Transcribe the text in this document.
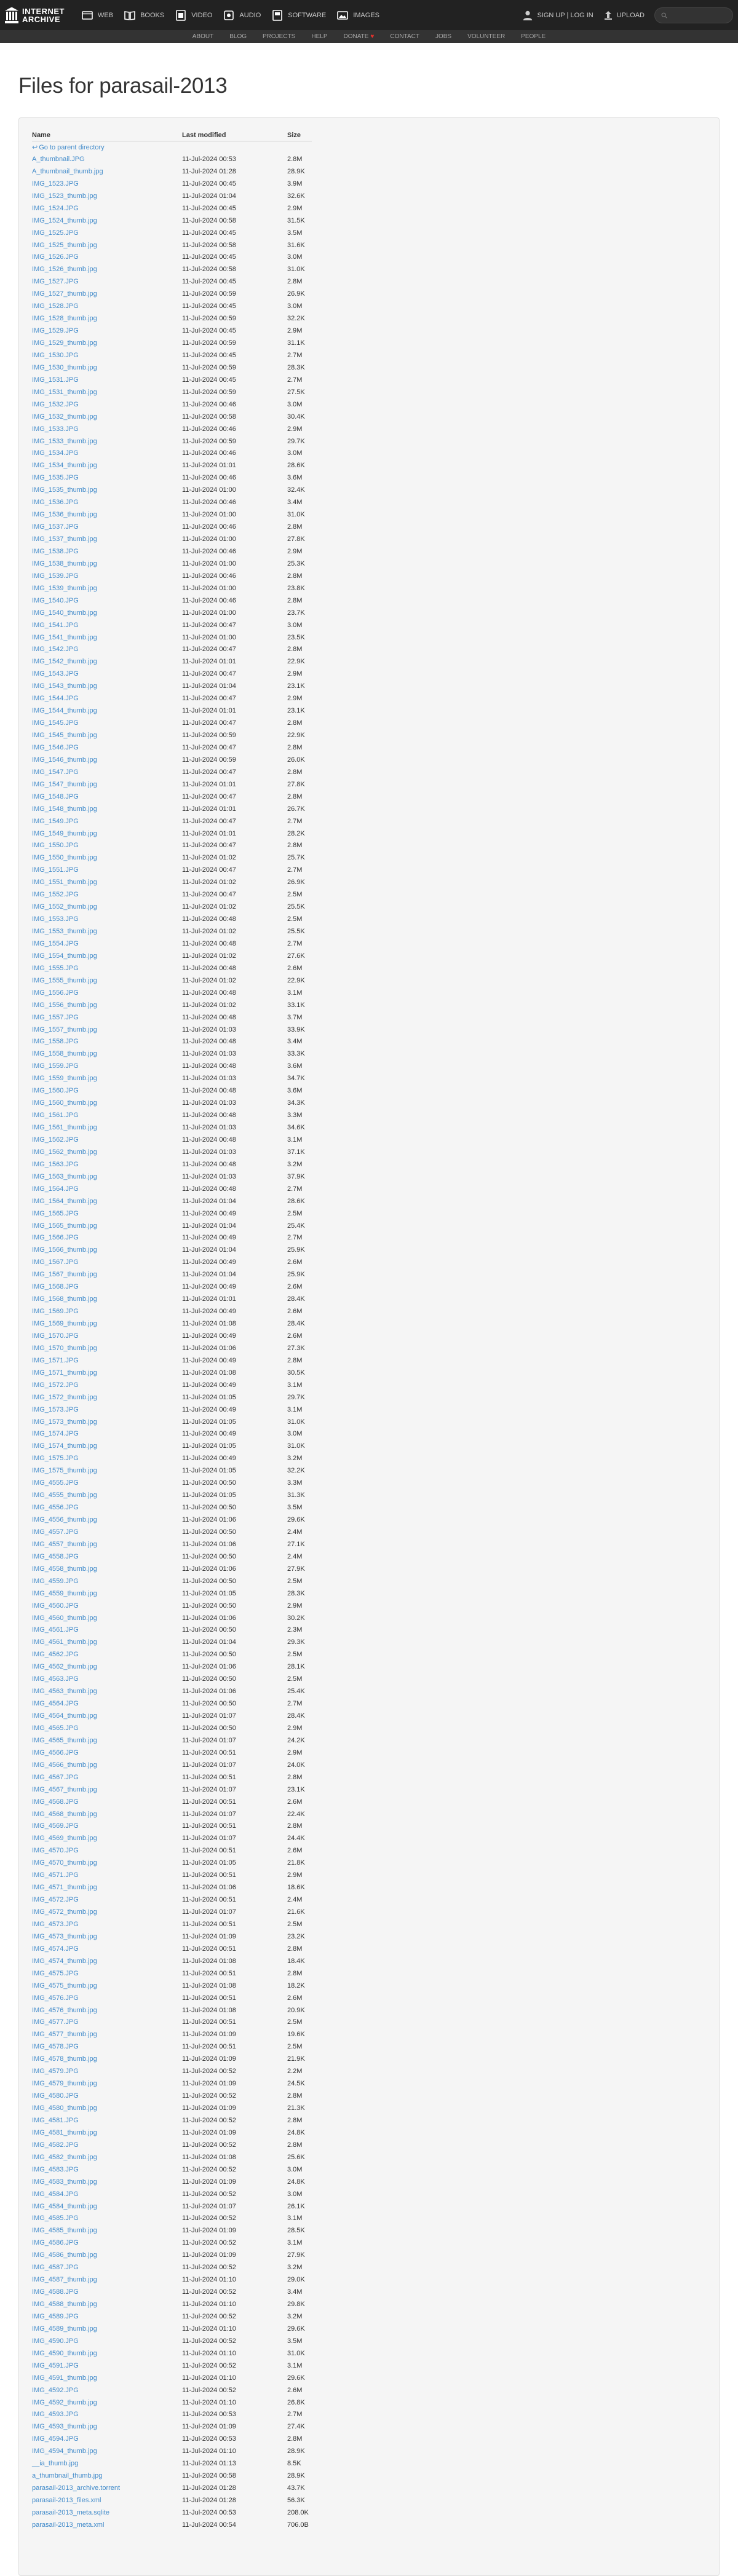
INTERNET
ARCHIVE	WEB	BOOKS	VIDEO	AUDIO	SOFTWARE	IMAGES	SIGN UP | LOG IN	UPLOAD
ABOUT	BLOG	PROJECTS	HELP	DONATE ♥	CONTACT	JOBS	VOLUNTEER	PEOPLE
Files for parasail-2013
Name	Last modified	Size
↩ Go to parent directory		
A_thumbnail.JPG	11-Jul-2024 00:53	2.8M
A_thumbnail_thumb.jpg	11-Jul-2024 01:28	28.9K
IMG_1523.JPG	11-Jul-2024 00:45	3.9M
IMG_1523_thumb.jpg	11-Jul-2024 01:04	32.6K
IMG_1524.JPG	11-Jul-2024 00:45	2.9M
IMG_1524_thumb.jpg	11-Jul-2024 00:58	31.5K
IMG_1525.JPG	11-Jul-2024 00:45	3.5M
IMG_1525_thumb.jpg	11-Jul-2024 00:58	31.6K
IMG_1526.JPG	11-Jul-2024 00:45	3.0M
IMG_1526_thumb.jpg	11-Jul-2024 00:58	31.0K
IMG_1527.JPG	11-Jul-2024 00:45	2.8M
IMG_1527_thumb.jpg	11-Jul-2024 00:59	26.9K
IMG_1528.JPG	11-Jul-2024 00:45	3.0M
IMG_1528_thumb.jpg	11-Jul-2024 00:59	32.2K
IMG_1529.JPG	11-Jul-2024 00:45	2.9M
IMG_1529_thumb.jpg	11-Jul-2024 00:59	31.1K
IMG_1530.JPG	11-Jul-2024 00:45	2.7M
IMG_1530_thumb.jpg	11-Jul-2024 00:59	28.3K
IMG_1531.JPG	11-Jul-2024 00:45	2.7M
IMG_1531_thumb.jpg	11-Jul-2024 00:59	27.5K
IMG_1532.JPG	11-Jul-2024 00:46	3.0M
IMG_1532_thumb.jpg	11-Jul-2024 00:58	30.4K
IMG_1533.JPG	11-Jul-2024 00:46	2.9M
IMG_1533_thumb.jpg	11-Jul-2024 00:59	29.7K
IMG_1534.JPG	11-Jul-2024 00:46	3.0M
IMG_1534_thumb.jpg	11-Jul-2024 01:01	28.6K
IMG_1535.JPG	11-Jul-2024 00:46	3.6M
IMG_1535_thumb.jpg	11-Jul-2024 01:00	32.4K
IMG_1536.JPG	11-Jul-2024 00:46	3.4M
IMG_1536_thumb.jpg	11-Jul-2024 01:00	31.0K
IMG_1537.JPG	11-Jul-2024 00:46	2.8M
IMG_1537_thumb.jpg	11-Jul-2024 01:00	27.8K
IMG_1538.JPG	11-Jul-2024 00:46	2.9M
IMG_1538_thumb.jpg	11-Jul-2024 01:00	25.3K
IMG_1539.JPG	11-Jul-2024 00:46	2.8M
IMG_1539_thumb.jpg	11-Jul-2024 01:00	23.8K
IMG_1540.JPG	11-Jul-2024 00:46	2.8M
IMG_1540_thumb.jpg	11-Jul-2024 01:00	23.7K
IMG_1541.JPG	11-Jul-2024 00:47	3.0M
IMG_1541_thumb.jpg	11-Jul-2024 01:00	23.5K
IMG_1542.JPG	11-Jul-2024 00:47	2.8M
IMG_1542_thumb.jpg	11-Jul-2024 01:01	22.9K
IMG_1543.JPG	11-Jul-2024 00:47	2.9M
IMG_1543_thumb.jpg	11-Jul-2024 01:04	23.1K
IMG_1544.JPG	11-Jul-2024 00:47	2.9M
IMG_1544_thumb.jpg	11-Jul-2024 01:01	23.1K
IMG_1545.JPG	11-Jul-2024 00:47	2.8M
IMG_1545_thumb.jpg	11-Jul-2024 00:59	22.9K
IMG_1546.JPG	11-Jul-2024 00:47	2.8M
IMG_1546_thumb.jpg	11-Jul-2024 00:59	26.0K
IMG_1547.JPG	11-Jul-2024 00:47	2.8M
IMG_1547_thumb.jpg	11-Jul-2024 01:01	27.8K
IMG_1548.JPG	11-Jul-2024 00:47	2.8M
IMG_1548_thumb.jpg	11-Jul-2024 01:01	26.7K
IMG_1549.JPG	11-Jul-2024 00:47	2.7M
IMG_1549_thumb.jpg	11-Jul-2024 01:01	28.2K
IMG_1550.JPG	11-Jul-2024 00:47	2.8M
IMG_1550_thumb.jpg	11-Jul-2024 01:02	25.7K
IMG_1551.JPG	11-Jul-2024 00:47	2.7M
IMG_1551_thumb.jpg	11-Jul-2024 01:02	26.9K
IMG_1552.JPG	11-Jul-2024 00:47	2.5M
IMG_1552_thumb.jpg	11-Jul-2024 01:02	25.5K
IMG_1553.JPG	11-Jul-2024 00:48	2.5M
IMG_1553_thumb.jpg	11-Jul-2024 01:02	25.5K
IMG_1554.JPG	11-Jul-2024 00:48	2.7M
IMG_1554_thumb.jpg	11-Jul-2024 01:02	27.6K
IMG_1555.JPG	11-Jul-2024 00:48	2.6M
IMG_1555_thumb.jpg	11-Jul-2024 01:02	22.9K
IMG_1556.JPG	11-Jul-2024 00:48	3.1M
IMG_1556_thumb.jpg	11-Jul-2024 01:02	33.1K
IMG_1557.JPG	11-Jul-2024 00:48	3.7M
IMG_1557_thumb.jpg	11-Jul-2024 01:03	33.9K
IMG_1558.JPG	11-Jul-2024 00:48	3.4M
IMG_1558_thumb.jpg	11-Jul-2024 01:03	33.3K
IMG_1559.JPG	11-Jul-2024 00:48	3.6M
IMG_1559_thumb.jpg	11-Jul-2024 01:03	34.7K
IMG_1560.JPG	11-Jul-2024 00:48	3.6M
IMG_1560_thumb.jpg	11-Jul-2024 01:03	34.3K
IMG_1561.JPG	11-Jul-2024 00:48	3.3M
IMG_1561_thumb.jpg	11-Jul-2024 01:03	34.6K
IMG_1562.JPG	11-Jul-2024 00:48	3.1M
IMG_1562_thumb.jpg	11-Jul-2024 01:03	37.1K
IMG_1563.JPG	11-Jul-2024 00:48	3.2M
IMG_1563_thumb.jpg	11-Jul-2024 01:03	37.9K
IMG_1564.JPG	11-Jul-2024 00:48	2.7M
IMG_1564_thumb.jpg	11-Jul-2024 01:04	28.6K
IMG_1565.JPG	11-Jul-2024 00:49	2.5M
IMG_1565_thumb.jpg	11-Jul-2024 01:04	25.4K
IMG_1566.JPG	11-Jul-2024 00:49	2.7M
IMG_1566_thumb.jpg	11-Jul-2024 01:04	25.9K
IMG_1567.JPG	11-Jul-2024 00:49	2.6M
IMG_1567_thumb.jpg	11-Jul-2024 01:04	25.9K
IMG_1568.JPG	11-Jul-2024 00:49	2.6M
IMG_1568_thumb.jpg	11-Jul-2024 01:01	28.4K
IMG_1569.JPG	11-Jul-2024 00:49	2.6M
IMG_1569_thumb.jpg	11-Jul-2024 01:08	28.4K
IMG_1570.JPG	11-Jul-2024 00:49	2.6M
IMG_1570_thumb.jpg	11-Jul-2024 01:06	27.3K
IMG_1571.JPG	11-Jul-2024 00:49	2.8M
IMG_1571_thumb.jpg	11-Jul-2024 01:08	30.5K
IMG_1572.JPG	11-Jul-2024 00:49	3.1M
IMG_1572_thumb.jpg	11-Jul-2024 01:05	29.7K
IMG_1573.JPG	11-Jul-2024 00:49	3.1M
IMG_1573_thumb.jpg	11-Jul-2024 01:05	31.0K
IMG_1574.JPG	11-Jul-2024 00:49	3.0M
IMG_1574_thumb.jpg	11-Jul-2024 01:05	31.0K
IMG_1575.JPG	11-Jul-2024 00:49	3.2M
IMG_1575_thumb.jpg	11-Jul-2024 01:05	32.2K
IMG_4555.JPG	11-Jul-2024 00:50	3.3M
IMG_4555_thumb.jpg	11-Jul-2024 01:05	31.3K
IMG_4556.JPG	11-Jul-2024 00:50	3.5M
IMG_4556_thumb.jpg	11-Jul-2024 01:06	29.6K
IMG_4557.JPG	11-Jul-2024 00:50	2.4M
IMG_4557_thumb.jpg	11-Jul-2024 01:06	27.1K
IMG_4558.JPG	11-Jul-2024 00:50	2.4M
IMG_4558_thumb.jpg	11-Jul-2024 01:06	27.9K
IMG_4559.JPG	11-Jul-2024 00:50	2.5M
IMG_4559_thumb.jpg	11-Jul-2024 01:05	28.3K
IMG_4560.JPG	11-Jul-2024 00:50	2.9M
IMG_4560_thumb.jpg	11-Jul-2024 01:06	30.2K
IMG_4561.JPG	11-Jul-2024 00:50	2.3M
IMG_4561_thumb.jpg	11-Jul-2024 01:04	29.3K
IMG_4562.JPG	11-Jul-2024 00:50	2.5M
IMG_4562_thumb.jpg	11-Jul-2024 01:06	28.1K
IMG_4563.JPG	11-Jul-2024 00:50	2.5M
IMG_4563_thumb.jpg	11-Jul-2024 01:06	25.4K
IMG_4564.JPG	11-Jul-2024 00:50	2.7M
IMG_4564_thumb.jpg	11-Jul-2024 01:07	28.4K
IMG_4565.JPG	11-Jul-2024 00:50	2.9M
IMG_4565_thumb.jpg	11-Jul-2024 01:07	24.2K
IMG_4566.JPG	11-Jul-2024 00:51	2.9M
IMG_4566_thumb.jpg	11-Jul-2024 01:07	24.0K
IMG_4567.JPG	11-Jul-2024 00:51	2.8M
IMG_4567_thumb.jpg	11-Jul-2024 01:07	23.1K
IMG_4568.JPG	11-Jul-2024 00:51	2.6M
IMG_4568_thumb.jpg	11-Jul-2024 01:07	22.4K
IMG_4569.JPG	11-Jul-2024 00:51	2.8M
IMG_4569_thumb.jpg	11-Jul-2024 01:07	24.4K
IMG_4570.JPG	11-Jul-2024 00:51	2.6M
IMG_4570_thumb.jpg	11-Jul-2024 01:05	21.8K
IMG_4571.JPG	11-Jul-2024 00:51	2.9M
IMG_4571_thumb.jpg	11-Jul-2024 01:06	18.6K
IMG_4572.JPG	11-Jul-2024 00:51	2.4M
IMG_4572_thumb.jpg	11-Jul-2024 01:07	21.6K
IMG_4573.JPG	11-Jul-2024 00:51	2.5M
IMG_4573_thumb.jpg	11-Jul-2024 01:09	23.2K
IMG_4574.JPG	11-Jul-2024 00:51	2.8M
IMG_4574_thumb.jpg	11-Jul-2024 01:08	18.4K
IMG_4575.JPG	11-Jul-2024 00:51	2.8M
IMG_4575_thumb.jpg	11-Jul-2024 01:08	18.2K
IMG_4576.JPG	11-Jul-2024 00:51	2.6M
IMG_4576_thumb.jpg	11-Jul-2024 01:08	20.9K
IMG_4577.JPG	11-Jul-2024 00:51	2.5M
IMG_4577_thumb.jpg	11-Jul-2024 01:09	19.6K
IMG_4578.JPG	11-Jul-2024 00:51	2.5M
IMG_4578_thumb.jpg	11-Jul-2024 01:09	21.9K
IMG_4579.JPG	11-Jul-2024 00:52	2.2M
IMG_4579_thumb.jpg	11-Jul-2024 01:09	24.5K
IMG_4580.JPG	11-Jul-2024 00:52	2.8M
IMG_4580_thumb.jpg	11-Jul-2024 01:09	21.3K
IMG_4581.JPG	11-Jul-2024 00:52	2.8M
IMG_4581_thumb.jpg	11-Jul-2024 01:09	24.8K
IMG_4582.JPG	11-Jul-2024 00:52	2.8M
IMG_4582_thumb.jpg	11-Jul-2024 01:08	25.6K
IMG_4583.JPG	11-Jul-2024 00:52	3.0M
IMG_4583_thumb.jpg	11-Jul-2024 01:09	24.8K
IMG_4584.JPG	11-Jul-2024 00:52	3.0M
IMG_4584_thumb.jpg	11-Jul-2024 01:07	26.1K
IMG_4585.JPG	11-Jul-2024 00:52	3.1M
IMG_4585_thumb.jpg	11-Jul-2024 01:09	28.5K
IMG_4586.JPG	11-Jul-2024 00:52	3.1M
IMG_4586_thumb.jpg	11-Jul-2024 01:09	27.9K
IMG_4587.JPG	11-Jul-2024 00:52	3.2M
IMG_4587_thumb.jpg	11-Jul-2024 01:10	29.0K
IMG_4588.JPG	11-Jul-2024 00:52	3.4M
IMG_4588_thumb.jpg	11-Jul-2024 01:10	29.8K
IMG_4589.JPG	11-Jul-2024 00:52	3.2M
IMG_4589_thumb.jpg	11-Jul-2024 01:10	29.6K
IMG_4590.JPG	11-Jul-2024 00:52	3.5M
IMG_4590_thumb.jpg	11-Jul-2024 01:10	31.0K
IMG_4591.JPG	11-Jul-2024 00:52	3.1M
IMG_4591_thumb.jpg	11-Jul-2024 01:10	29.6K
IMG_4592.JPG	11-Jul-2024 00:52	2.6M
IMG_4592_thumb.jpg	11-Jul-2024 01:10	26.8K
IMG_4593.JPG	11-Jul-2024 00:53	2.7M
IMG_4593_thumb.jpg	11-Jul-2024 01:09	27.4K
IMG_4594.JPG	11-Jul-2024 00:53	2.8M
IMG_4594_thumb.jpg	11-Jul-2024 01:10	28.9K
__ia_thumb.jpg	11-Jul-2024 01:13	8.5K
a_thumbnail_thumb.jpg	11-Jul-2024 00:58	28.9K
parasail-2013_archive.torrent	11-Jul-2024 01:28	43.7K
parasail-2013_files.xml	11-Jul-2024 01:28	56.3K
parasail-2013_meta.sqlite	11-Jul-2024 00:53	208.0K
parasail-2013_meta.xml	11-Jul-2024 00:54	706.0B
